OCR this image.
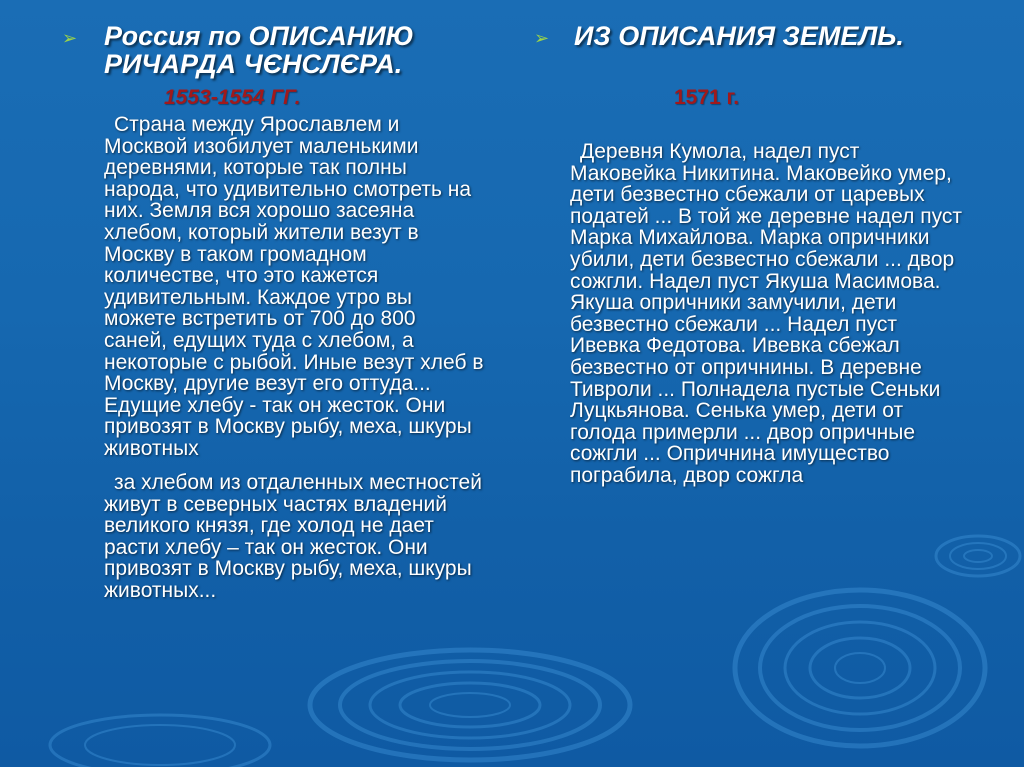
➢ Россия по ОПИСАНИЮ
РИЧАРДА ЧЄНСЛЄРА.
1553-1554 ГГ.

Страна между Ярославлем и Москвой изобилует маленькими деревнями, которые так полны народа, что удивительно смотреть на них. Земля вся хорошо засеяна хлебом, который жители везут в Москву в таком громадном количестве, что это кажется удивительным. Каждое утро вы можете встретить от 700 до 800 саней, едущих туда с хлебом, а некоторые с рыбой. Иные везут хлеб в Москву, другие везут его оттуда... Едущие хлебу - так он жесток. Они привозят в Москву рыбу, меха, шкуры животных

за хлебом из отдаленных местностей живут в северных частях владений великого князя, где холод не дает расти хлебу – так он жесток. Они привозят в Москву рыбу, меха, шкуры животных...

➢ ИЗ ОПИСАНИЯ ЗЕМЕЛЬ.
1571 г.

Деревня Кумола, надел пуст Маковейка Никитина. Маковейко умер, дети безвестно сбежали от царевых податей ... В той же деревне надел пуст Марка Михайлова. Марка опричники убили, дети безвестно сбежали ... двор сожгли. Надел пуст Якуша Масимова. Якуша опричники замучили, дети безвестно сбежали ... Надел пуст Ивевка Федотова. Ивевка сбежал безвестно от опричнины. В деревне Тивроли ... Полнадела пустые Сеньки Луцкьянова. Сенька умер, дети от голода примерли ... двор опричные сожгли ... Опричнина имущество пограбила, двор сожгла
